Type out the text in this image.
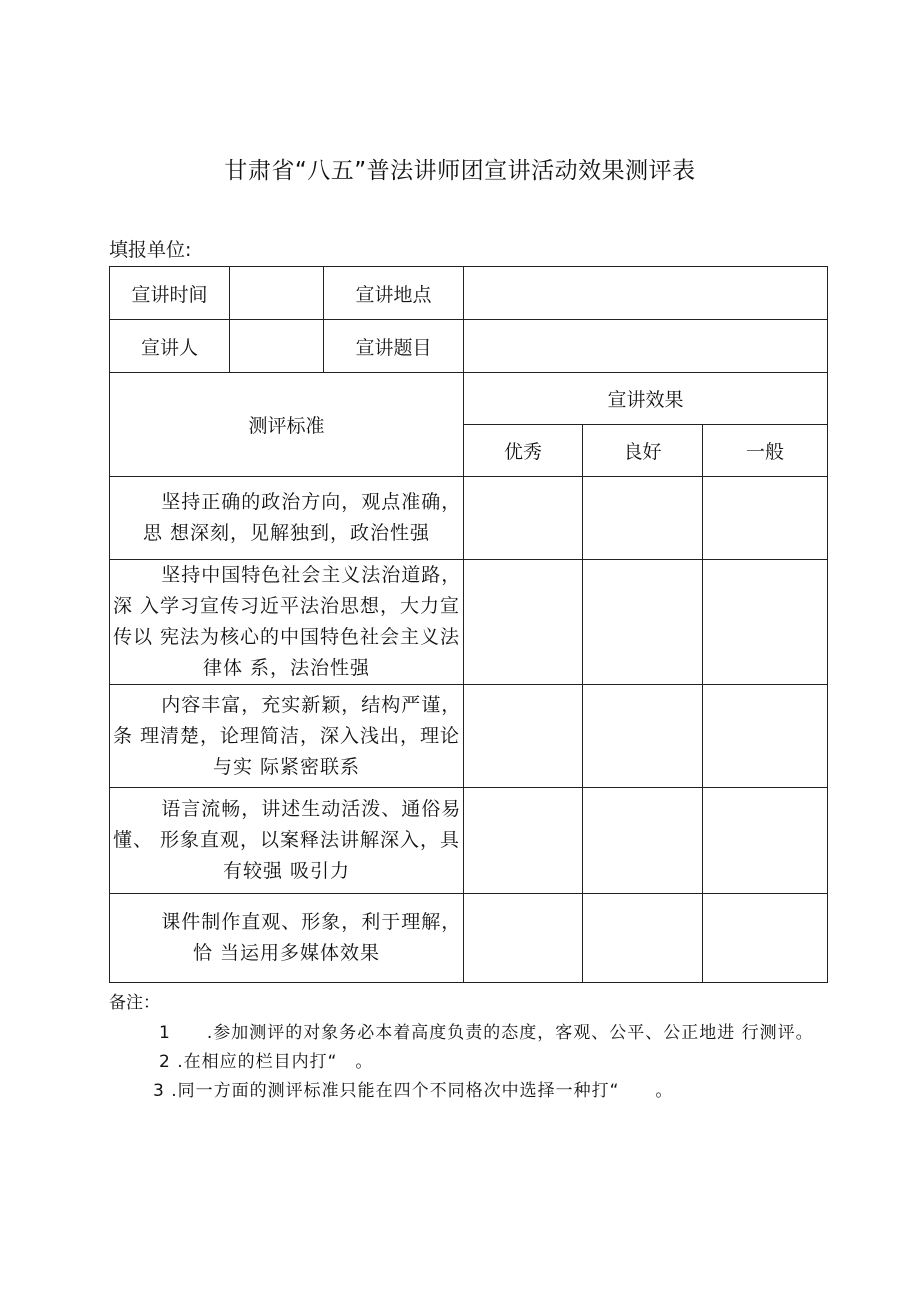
甘肃省“八五”普法讲师团宣讲活动效果测评表
填报单位:
宣讲时间		宣讲地点			
宣讲人		宣讲题目			
测评标准			宣讲效果		
			优秀	良好	一般

坚持正确的政治方向，观点准确，思 想深刻，见解独到，政治性强					

坚持中国特色社会主义法治道路，深 入学习宣传习近平法治思想，大力宣传以 宪法为核心的中国特色社会主义法律体 系，法治性强					

内容丰富，充实新颖，结构严谨，条 理清楚，论理简洁，深入浅出，理论与实 际紧密联系					

语言流畅，讲述生动活泼、通俗易懂、 形象直观，以案释法讲解深入，具有较强 吸引力					

课件制作直观、形象，利于理解，恰 当运用多媒体效果					

备注：

1　　.参加测评的对象务必本着高度负责的态度，客观、公平、公正地进 行测评。

2 .在相应的栏目内打“　。

3 .同一方面的测评标准只能在四个不同格次中选择一种打“　　。
